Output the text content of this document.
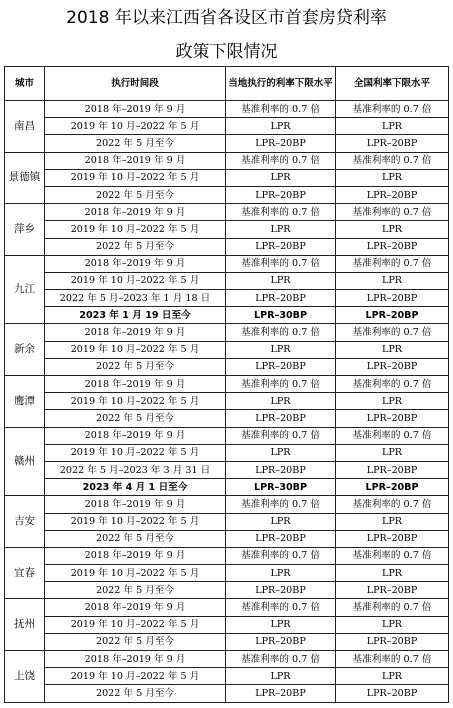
2018 年以来江西省各设区市首套房贷利率
政策下限情况
城市	执行时间段	当地执行的利率下限水平	全国利率下限水平
南昌	2018 年–2019 年 9 月	基准利率的 0.7 倍	基准利率的 0.7 倍
	2019 年 10 月–2022 年 5 月	LPR	LPR
	2022 年 5 月至今	LPR–20BP	LPR–20BP
景德镇	2018 年–2019 年 9 月	基准利率的 0.7 倍	基准利率的 0.7 倍
	2019 年 10 月–2022 年 5 月	LPR	LPR
	2022 年 5 月至今	LPR–20BP	LPR–20BP
萍乡	2018 年–2019 年 9 月	基准利率的 0.7 倍	基准利率的 0.7 倍
	2019 年 10 月–2022 年 5 月	LPR	LPR
	2022 年 5 月至今	LPR–20BP	LPR–20BP
九江	2018 年–2019 年 9 月	基准利率的 0.7 倍	基准利率的 0.7 倍
	2019 年 10 月–2022 年 5 月	LPR	LPR
	2022 年 5 月–2023 年 1 月 18 日	LPR–20BP	LPR–20BP
	2023 年 1 月 19 日至今	LPR–30BP	LPR–20BP
新余	2018 年–2019 年 9 月	基准利率的 0.7 倍	基准利率的 0.7 倍
	2019 年 10 月–2022 年 5 月	LPR	LPR
	2022 年 5 月至今	LPR–20BP	LPR–20BP
鹰潭	2018 年–2019 年 9 月	基准利率的 0.7 倍	基准利率的 0.7 倍
	2019 年 10 月–2022 年 5 月	LPR	LPR
	2022 年 5 月至今	LPR–20BP	LPR–20BP
赣州	2018 年–2019 年 9 月	基准利率的 0.7 倍	基准利率的 0.7 倍
	2019 年 10 月–2022 年 5 月	LPR	LPR
	2022 年 5 月–2023 年 3 月 31 日	LPR–20BP	LPR–20BP
	2023 年 4 月 1 日至今	LPR–30BP	LPR–20BP
吉安	2018 年–2019 年 9 月	基准利率的 0.7 倍	基准利率的 0.7 倍
	2019 年 10 月–2022 年 5 月	LPR	LPR
	2022 年 5 月至今	LPR–20BP	LPR–20BP
宜春	2018 年–2019 年 9 月	基准利率的 0.7 倍	基准利率的 0.7 倍
	2019 年 10 月–2022 年 5 月	LPR	LPR
	2022 年 5 月至今	LPR–20BP	LPR–20BP
抚州	2018 年–2019 年 9 月	基准利率的 0.7 倍	基准利率的 0.7 倍
	2019 年 10 月–2022 年 5 月	LPR	LPR
	2022 年 5 月至今	LPR–20BP	LPR–20BP
上饶	2018 年–2019 年 9 月	基准利率的 0.7 倍	基准利率的 0.7 倍
	2019 年 10 月–2022 年 5 月	LPR	LPR
	2022 年 5 月至今	LPR–20BP	LPR–20BP
